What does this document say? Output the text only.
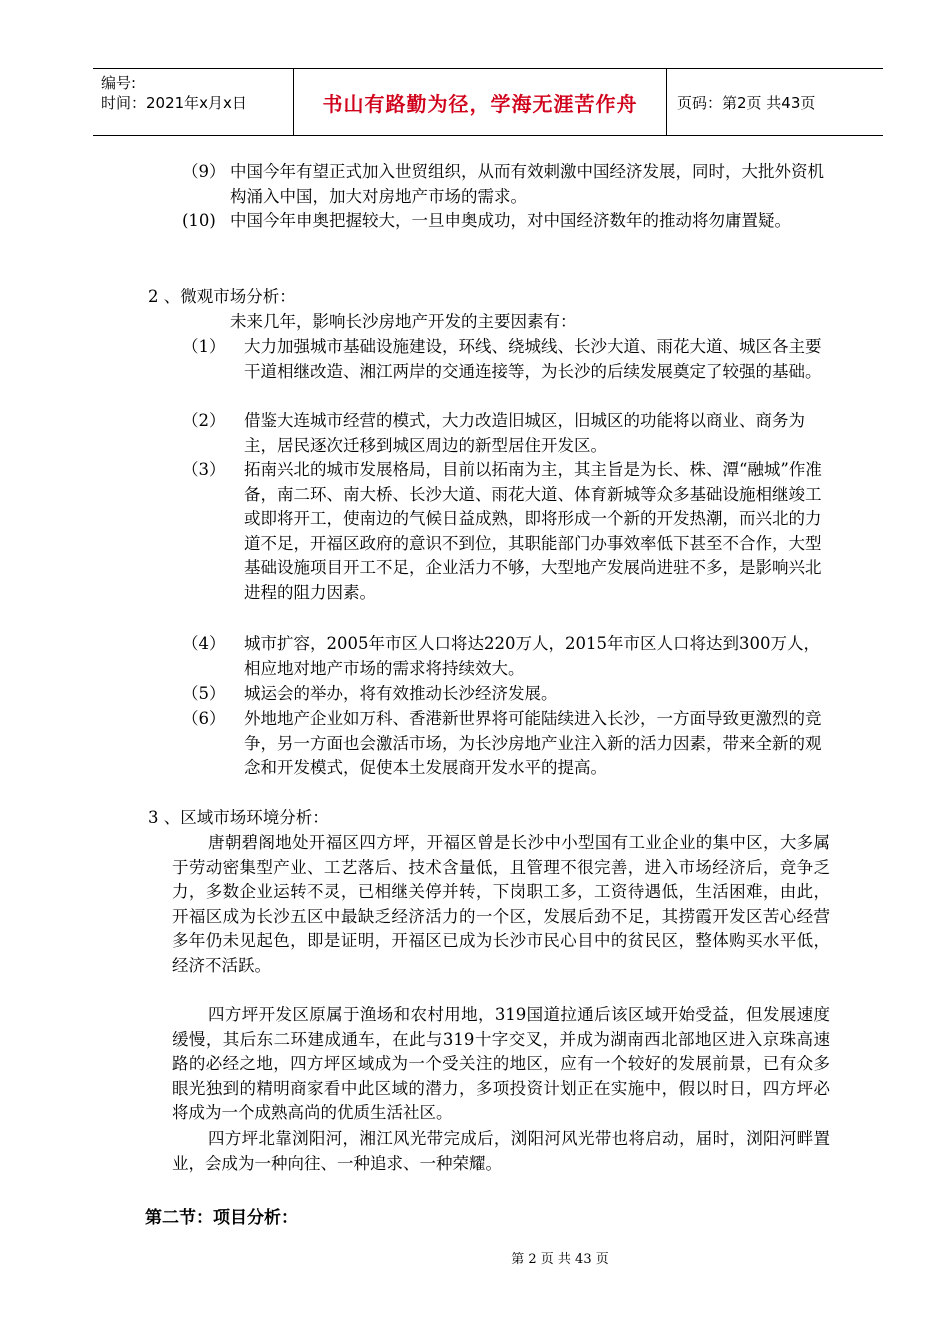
编号:
时间：2021年x月x日	书山有路勤为径，学海无涯苦作舟	页码：第2页 共43页
（9） 中国今年有望正式加入世贸组织，从而有效刺激中国经济发展，同时，大批外资机构涌入中国，加大对房地产市场的需求。
(10) 中国今年申奥把握较大，一旦申奥成功，对中国经济数年的推动将勿庸置疑。
2 、微观市场分析：
未来几年，影响长沙房地产开发的主要因素有：
（1） 大力加强城市基础设施建设，环线、绕城线、长沙大道、雨花大道、城区各主要干道相继改造、湘江两岸的交通连接等，为长沙的后续发展奠定了较强的基础。
（2） 借鉴大连城市经营的模式，大力改造旧城区，旧城区的功能将以商业、商务为主，居民逐次迁移到城区周边的新型居住开发区。
（3） 拓南兴北的城市发展格局，目前以拓南为主，其主旨是为长、株、潭“融城”作准备，南二环、南大桥、长沙大道、雨花大道、体育新城等众多基础设施相继竣工或即将开工，使南边的气候日益成熟，即将形成一个新的开发热潮，而兴北的力道不足，开福区政府的意识不到位，其职能部门办事效率低下甚至不合作，大型基础设施项目开工不足，企业活力不够，大型地产发展尚进驻不多，是影响兴北进程的阻力因素。
（4） 城市扩容，2005年市区人口将达220万人，2015年市区人口将达到300万人，相应地对地产市场的需求将持续效大。
（5） 城运会的举办，将有效推动长沙经济发展。
（6） 外地地产企业如万科、香港新世界将可能陆续进入长沙，一方面导致更激烈的竞争，另一方面也会激活市场，为长沙房地产业注入新的活力因素，带来全新的观念和开发模式，促使本土发展商开发水平的提高。
3 、区域市场环境分析：
唐朝碧阁地处开福区四方坪，开福区曾是长沙中小型国有工业企业的集中区，大多属于劳动密集型产业、工艺落后、技术含量低，且管理不很完善，进入市场经济后，竞争乏力，多数企业运转不灵，已相继关停并转，下岗职工多，工资待遇低，生活困难，由此，开福区成为长沙五区中最缺乏经济活力的一个区，发展后劲不足，其捞霞开发区苦心经营多年仍未见起色，即是证明，开福区已成为长沙市民心目中的贫民区，整体购买水平低，经济不活跃。
四方坪开发区原属于渔场和农村用地，319国道拉通后该区域开始受益，但发展速度缓慢，其后东二环建成通车，在此与319十字交叉，并成为湖南西北部地区进入京珠高速路的必经之地，四方坪区域成为一个受关注的地区，应有一个较好的发展前景，已有众多眼光独到的精明商家看中此区域的潜力，多项投资计划正在实施中，假以时日，四方坪必将成为一个成熟高尚的优质生活社区。
四方坪北靠浏阳河，湘江风光带完成后，浏阳河风光带也将启动，届时，浏阳河畔置业，会成为一种向往、一种追求、一种荣耀。
第二节：项目分析：
第 2 页 共 43 页
